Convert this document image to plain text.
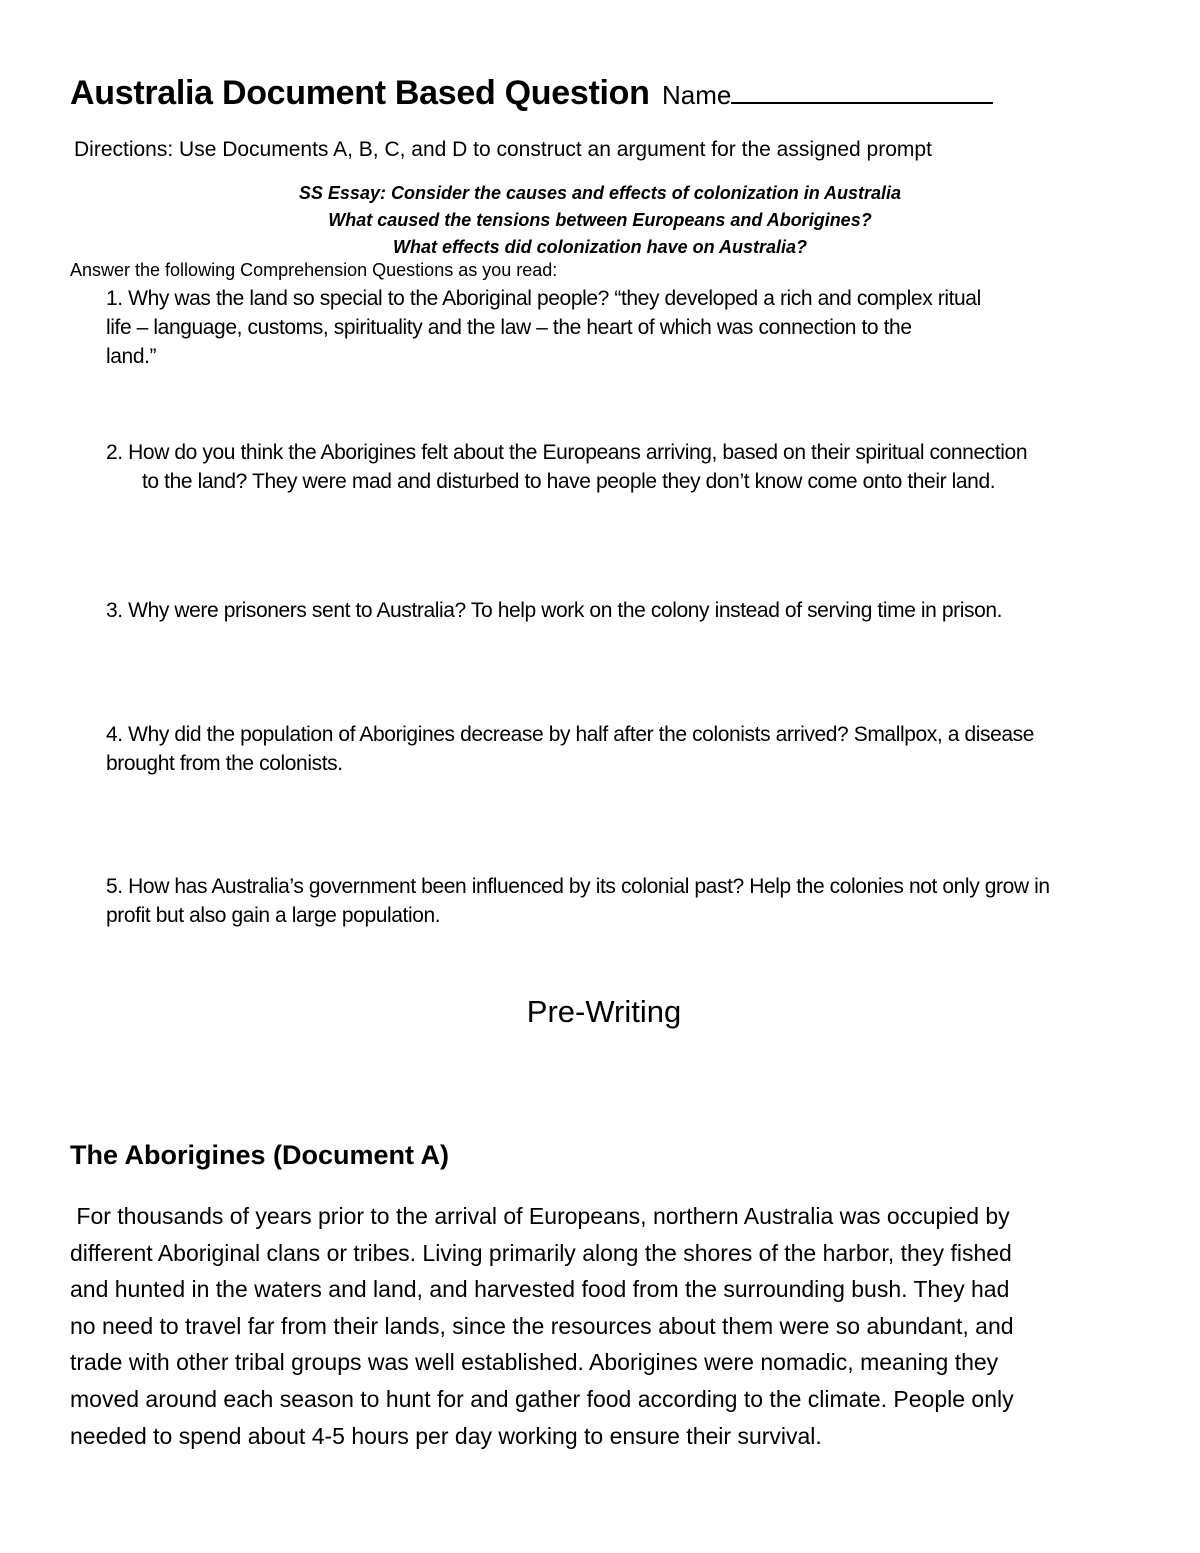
Australia Document Based Question Name
Directions: Use Documents A, B, C, and D to construct an argument for the assigned prompt
SS Essay: Consider the causes and effects of colonization in Australia
What caused the tensions between Europeans and Aborigines?
What effects did colonization have on Australia?
Answer the following Comprehension Questions as you read:
1. Why was the land so special to the Aboriginal people? “they developed a rich and complex ritual
life – language, customs, spirituality and the law – the heart of which was connection to the
land.”
2. How do you think the Aborigines felt about the Europeans arriving, based on their spiritual connection
to the land? They were mad and disturbed to have people they don’t know come onto their land.
3. Why were prisoners sent to Australia? To help work on the colony instead of serving time in prison.
4. Why did the population of Aborigines decrease by half after the colonists arrived? Smallpox, a disease
brought from the colonists.
5. How has Australia’s government been influenced by its colonial past? Help the colonies not only grow in
profit but also gain a large population.
Pre-Writing
The Aborigines (Document A)
For thousands of years prior to the arrival of Europeans, northern Australia was occupied by
different Aboriginal clans or tribes. Living primarily along the shores of the harbor, they fished
and hunted in the waters and land, and harvested food from the surrounding bush. They had
no need to travel far from their lands, since the resources about them were so abundant, and
trade with other tribal groups was well established. Aborigines were nomadic, meaning they
moved around each season to hunt for and gather food according to the climate. People only
needed to spend about 4-5 hours per day working to ensure their survival.
